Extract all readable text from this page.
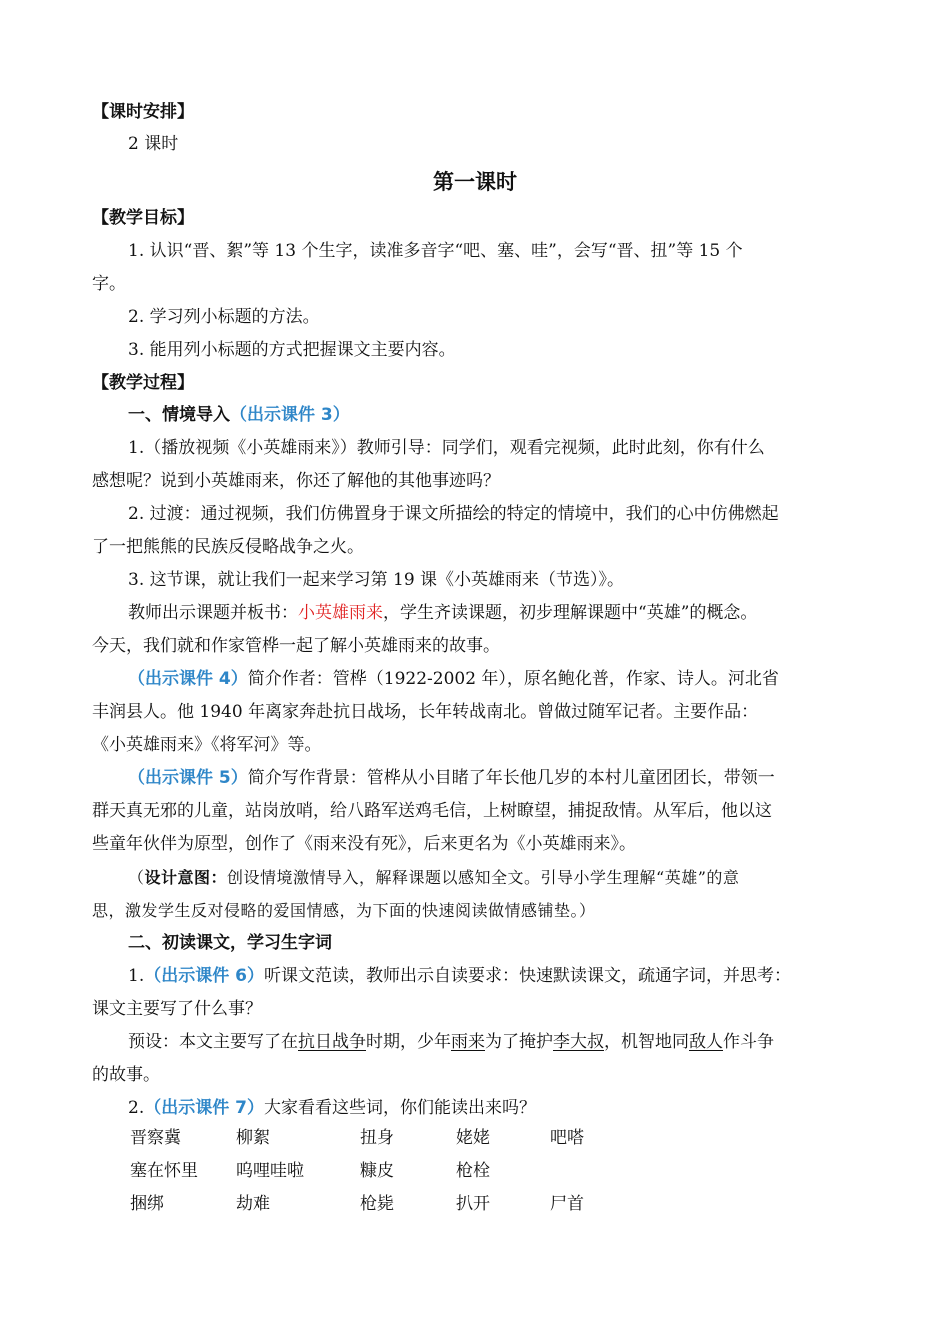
【课时安排】
2 课时
第一课时
【教学目标】
1. 认识“晋、絮”等 13 个生字，读准多音字“吧、塞、哇”，会写“晋、扭”等 15 个
字。
2. 学习列小标题的方法。
3. 能用列小标题的方式把握课文主要内容。
【教学过程】
一、情境导入（出示课件 3）
1.（播放视频《小英雄雨来》）教师引导：同学们，观看完视频，此时此刻，你有什么
感想呢？说到小英雄雨来，你还了解他的其他事迹吗？
2. 过渡：通过视频，我们仿佛置身于课文所描绘的特定的情境中，我们的心中仿佛燃起
了一把熊熊的民族反侵略战争之火。
3. 这节课，就让我们一起来学习第 19 课《小英雄雨来（节选）》。
教师出示课题并板书：小英雄雨来，学生齐读课题，初步理解课题中“英雄”的概念。
今天，我们就和作家管桦一起了解小英雄雨来的故事。
（出示课件 4）简介作者：管桦（1922-2002 年），原名鲍化普，作家、诗人。河北省
丰润县人。他 1940 年离家奔赴抗日战场，长年转战南北。曾做过随军记者。主要作品：
《小英雄雨来》《将军河》等。
（出示课件 5）简介写作背景：管桦从小目睹了年长他几岁的本村儿童团团长，带领一
群天真无邪的儿童，站岗放哨，给八路军送鸡毛信，上树瞭望，捕捉敌情。从军后，他以这
些童年伙伴为原型，创作了《雨来没有死》，后来更名为《小英雄雨来》。
（设计意图：创设情境激情导入，解释课题以感知全文。引导小学生理解“英雄”的意
思，激发学生反对侵略的爱国情感，为下面的快速阅读做情感铺垫。）
二、初读课文，学习生字词
1.（出示课件 6）听课文范读，教师出示自读要求：快速默读课文，疏通字词，并思考：
课文主要写了什么事？
预设：本文主要写了在抗日战争时期，少年雨来为了掩护李大叔，机智地同敌人作斗争
的故事。
2.（出示课件 7）大家看看这些词，你们能读出来吗？
晋察冀	柳絮	扭身	姥姥	吧嗒
塞在怀里 呜哩哇啦	糠皮	枪栓
捆绑	劫难	枪毙	扒开	尸首
